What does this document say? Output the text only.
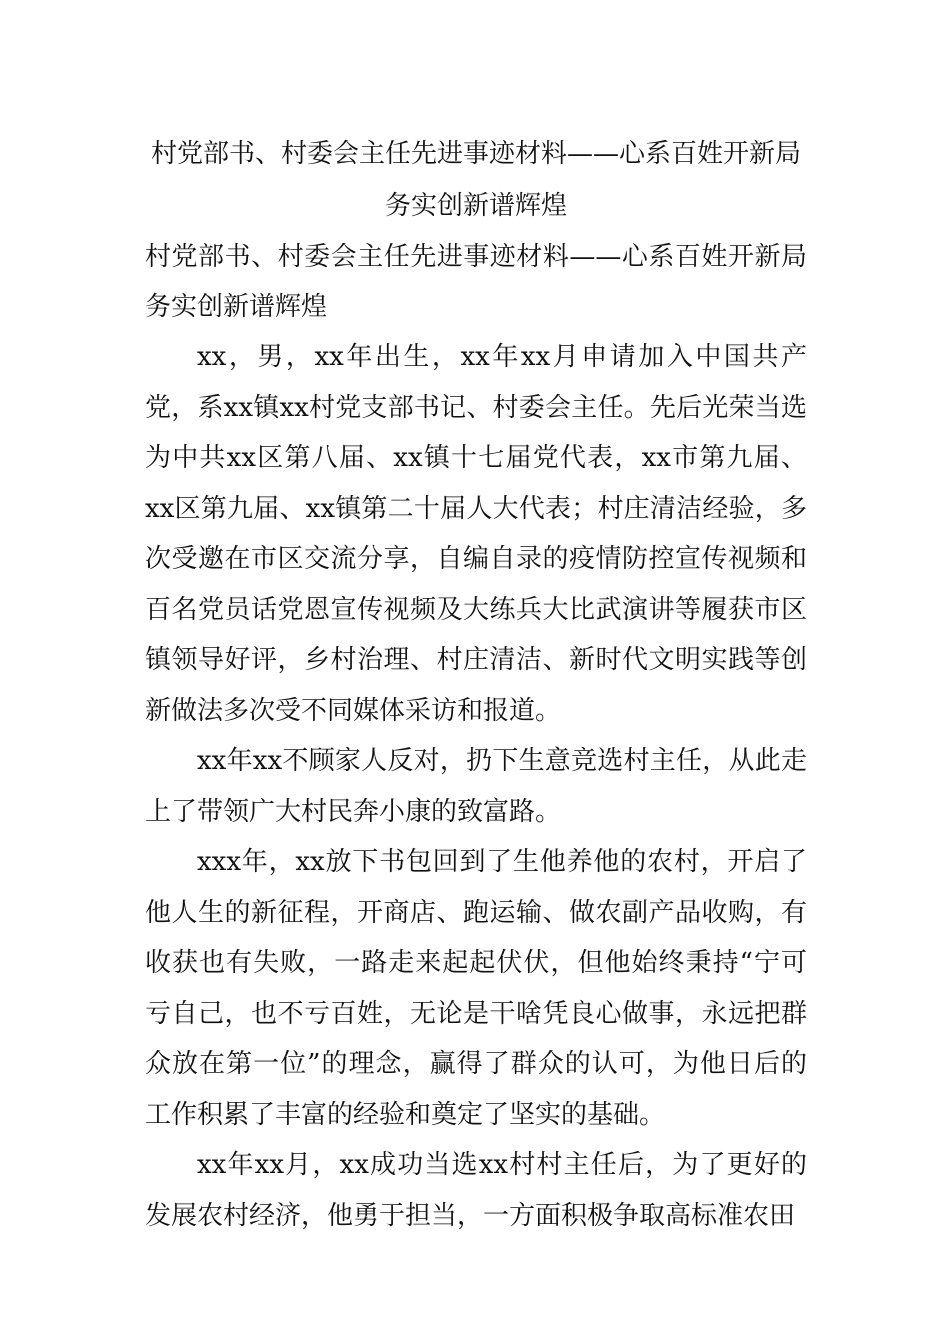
村党部书、村委会主任先进事迹材料——心系百姓开新局
务实创新谱辉煌

村党部书、村委会主任先进事迹材料——心系百姓开新局务实创新谱辉煌

xx，男，xx年出生，xx年xx月申请加入中国共产党，系xx镇xx村党支部书记、村委会主任。先后光荣当选为中共xx区第八届、xx镇十七届党代表，xx市第九届、xx区第九届、xx镇第二十届人大代表；村庄清洁经验，多次受邀在市区交流分享，自编自录的疫情防控宣传视频和百名党员话党恩宣传视频及大练兵大比武演讲等履获市区镇领导好评，乡村治理、村庄清洁、新时代文明实践等创新做法多次受不同媒体采访和报道。

xx年xx不顾家人反对，扔下生意竞选村主任，从此走上了带领广大村民奔小康的致富路。

xxx年，xx放下书包回到了生他养他的农村，开启了他人生的新征程，开商店、跑运输、做农副产品收购，有收获也有失败，一路走来起起伏伏，但他始终秉持“宁可亏自己，也不亏百姓，无论是干啥凭良心做事，永远把群众放在第一位”的理念，赢得了群众的认可，为他日后的工作积累了丰富的经验和奠定了坚实的基础。

xx年xx月，xx成功当选xx村村主任后，为了更好的发展农村经济，他勇于担当，一方面积极争取高标准农田
